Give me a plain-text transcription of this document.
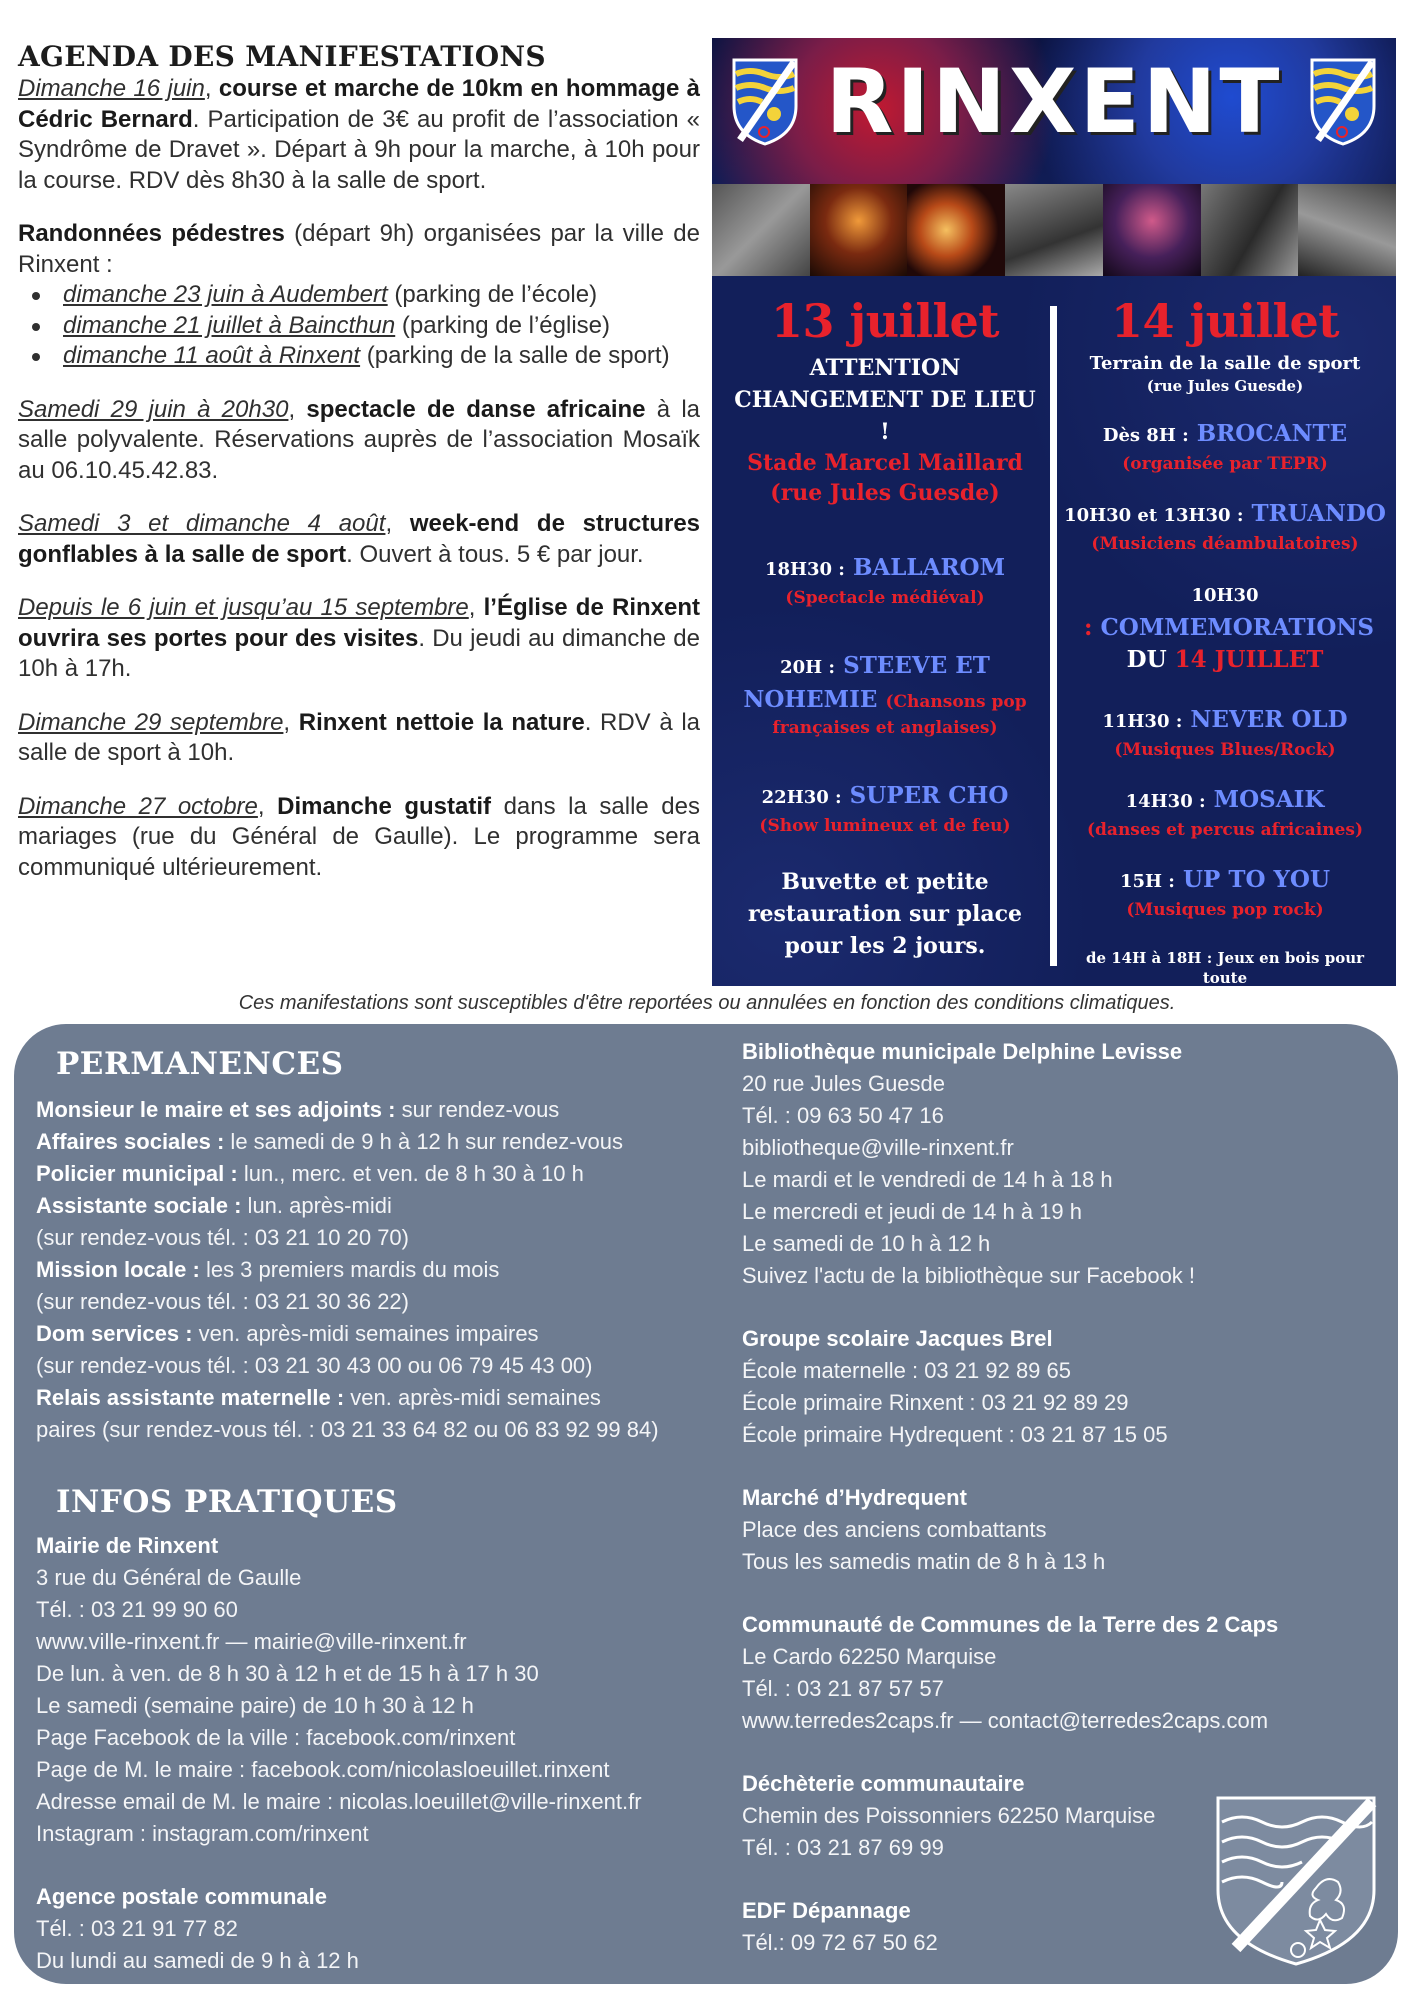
AGENDA DES MANIFESTATIONS

Dimanche 16 juin, course et marche de 10km en hommage à Cédric Bernard. Participation de 3€ au profit de l’association « Syndrôme de Dravet ». Départ à 9h pour la marche, à 10h pour la course. RDV dès 8h30 à la salle de sport.

Randonnées pédestres (départ 9h) organisées par la ville de Rinxent :

dimanche 23 juin à Audembert (parking de l’école)
dimanche 21 juillet à Baincthun (parking de l’église)
dimanche 11 août à Rinxent (parking de la salle de sport)

Samedi 29 juin à 20h30, spectacle de danse africaine à la salle polyvalente. Réservations auprès de l’association Mosaïk au 06.10.45.42.83.

Samedi 3 et dimanche 4 août, week-end de structures gonflables à la salle de sport. Ouvert à tous. 5 € par jour.

Depuis le 6 juin et jusqu’au 15 septembre, l’Église de Rinxent ouvrira ses portes pour des visites. Du jeudi au dimanche de 10h à 17h.

Dimanche 29 septembre, Rinxent nettoie la nature. RDV à la salle de sport à 10h.

Dimanche 27 octobre, Dimanche gustatif dans la salle des mariages (rue du Général de Gaulle). Le programme sera communiqué ultérieurement.

RINXENT
13 juillet
ATTENTION
CHANGEMENT DE LIEU !
Stade Marcel Maillard
(rue Jules Guesde)
18H30 : BALLAROM
(Spectacle médiéval)
20H : STEEVE ET
NOHEMIE (Chansons pop
françaises et anglaises)
22H30 : SUPER CHO
(Show lumineux et de feu)
Buvette et petite
restauration sur place
pour les 2 jours.
14 juillet
Terrain de la salle de sport
(rue Jules Guesde)
Dès 8H : BROCANTE
(organisée par TEPR)
10H30 et 13H30 : TRUANDO
(Musiciens déambulatoires)
10H30 : COMMEMORATIONS
DU 14 JUILLET
11H30 : NEVER OLD
(Musiques Blues/Rock)
14H30 : MOSAIK
(danses et percus africaines)
15H : UP TO YOU
(Musiques pop rock)
de 14H à 18H : Jeux en bois pour toute
la famille.
Ces manifestations sont susceptibles d'être reportées ou annulées en fonction des conditions climatiques.
PERMANENCES
Monsieur le maire et ses adjoints : sur rendez-vous
Affaires sociales : le samedi de 9 h à 12 h sur rendez-vous
Policier municipal : lun., merc. et ven. de 8 h 30 à 10 h
Assistante sociale : lun. après-midi
(sur rendez-vous tél. : 03 21 10 20 70)
Mission locale : les 3 premiers mardis du mois
(sur rendez-vous tél. : 03 21 30 36 22)
Dom services : ven. après-midi semaines impaires
(sur rendez-vous tél. : 03 21 30 43 00 ou 06 79 45 43 00)
Relais assistante maternelle : ven. après-midi semaines
paires (sur rendez-vous tél. : 03 21 33 64 82 ou 06 83 92 99 84)
INFOS PRATIQUES
Mairie de Rinxent
3 rue du Général de Gaulle
Tél. : 03 21 99 90 60
www.ville-rinxent.fr — mairie@ville-rinxent.fr
De lun. à ven. de 8 h 30 à 12 h et de 15 h à 17 h 30
Le samedi (semaine paire) de 10 h 30 à 12 h
Page Facebook de la ville : facebook.com/rinxent
Page de M. le maire : facebook.com/nicolasloeuillet.rinxent
Adresse email de M. le maire : nicolas.loeuillet@ville-rinxent.fr
Instagram : instagram.com/rinxent
Agence postale communale
Tél. : 03 21 91 77 82
Du lundi au samedi de 9 h à 12 h
Bibliothèque municipale Delphine Levisse
20 rue Jules Guesde
Tél. : 09 63 50 47 16
bibliotheque@ville-rinxent.fr
Le mardi et le vendredi de 14 h à 18 h
Le mercredi et jeudi de 14 h à 19 h
Le samedi de 10 h à 12 h
Suivez l'actu de la bibliothèque sur Facebook !
Groupe scolaire Jacques Brel
École maternelle : 03 21 92 89 65
École primaire Rinxent : 03 21 92 89 29
École primaire Hydrequent : 03 21 87 15 05
Marché d’Hydrequent
Place des anciens combattants
Tous les samedis matin de 8 h à 13 h
Communauté de Communes de la Terre des 2 Caps
Le Cardo 62250 Marquise
Tél. : 03 21 87 57 57
www.terredes2caps.fr — contact@terredes2caps.com
Déchèterie communautaire
Chemin des Poissonniers 62250 Marquise
Tél. : 03 21 87 69 99
EDF Dépannage
Tél.: 09 72 67 50 62
